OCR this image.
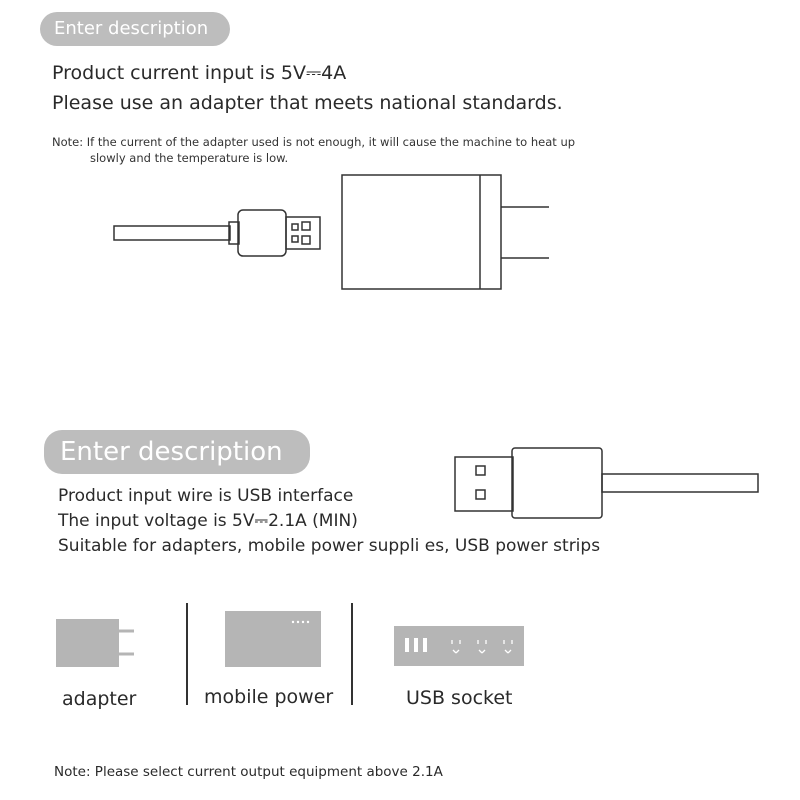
Enter description
Product current input is 5V⎓4A
Please use an adapter that meets national standards.
Note: If the current of the adapter used is not enough, it will cause the machine to heat up
slowly and the temperature is low.
Enter description
Product input wire is USB interface
The input voltage is 5V⎓2.1A (MIN)
Suitable for adapters, mobile power suppli es, USB power strips
adapter	mobile power	USB socket
Note: Please select current output equipment above 2.1A
